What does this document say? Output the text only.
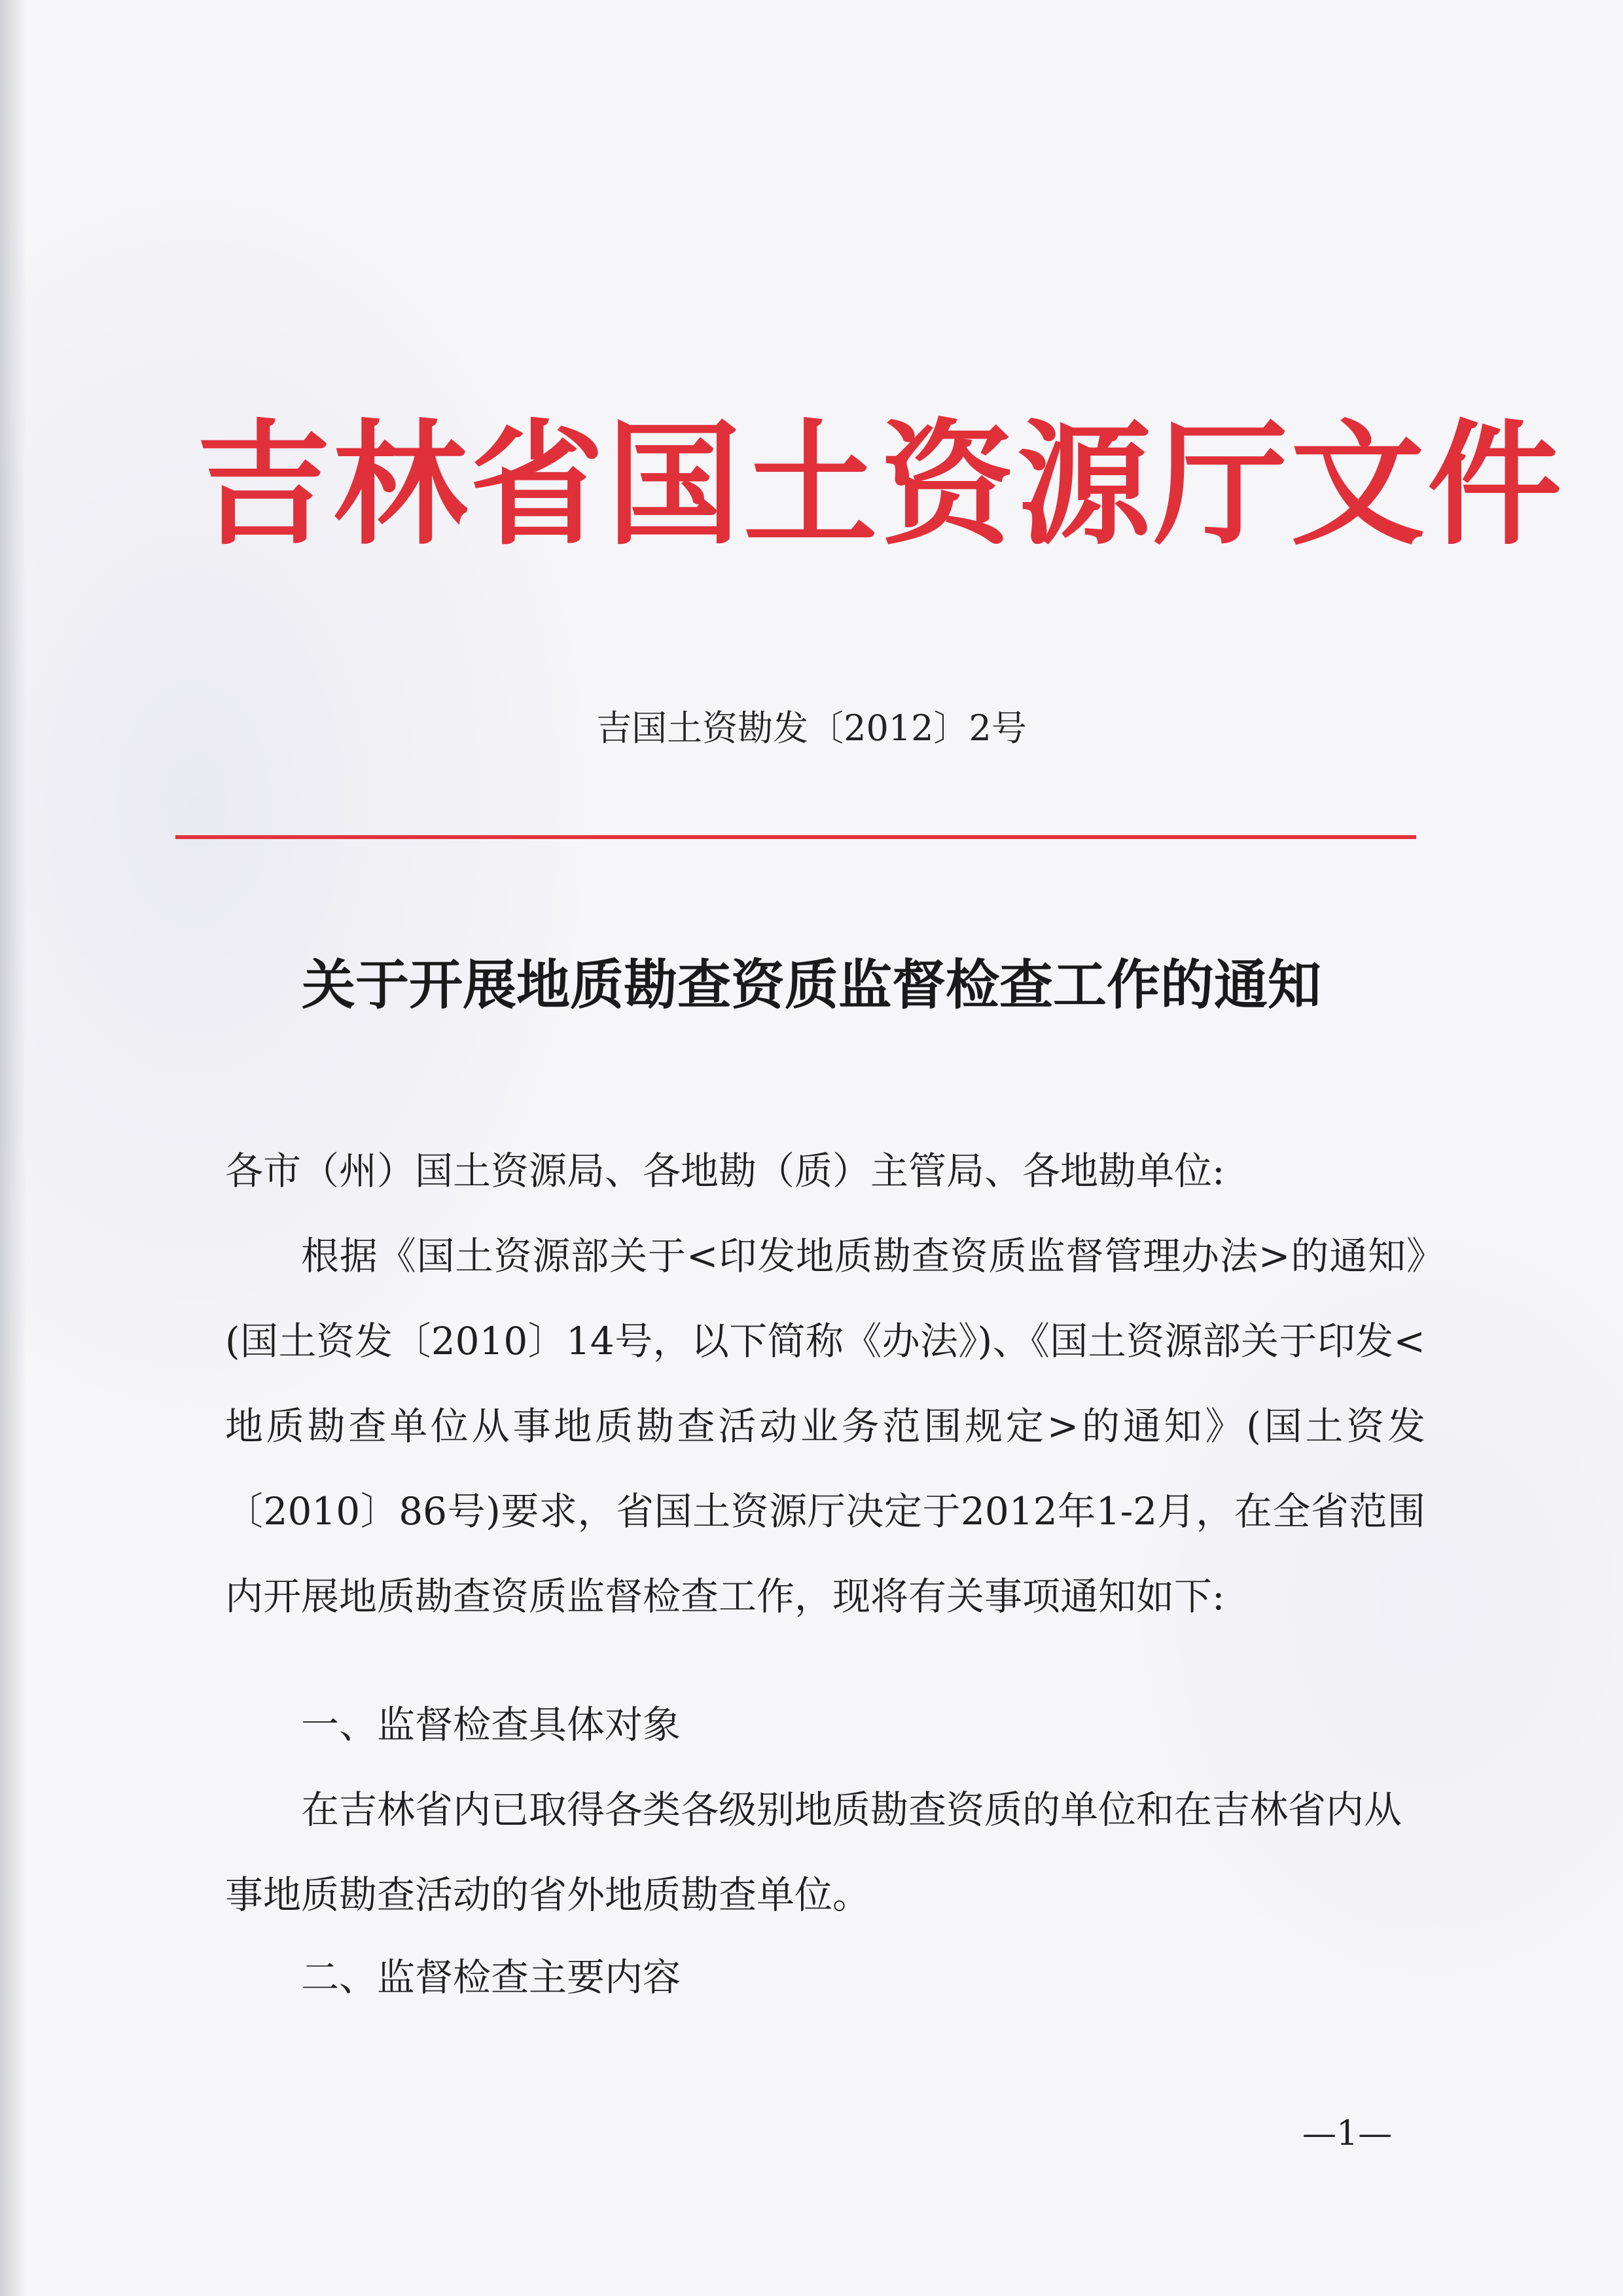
吉林省国土资源厅文件
吉国土资勘发〔2012〕2号
关于开展地质勘查资质监督检查工作的通知

各市（州）国土资源局、各地勘（质）主管局、各地勘单位:

根据《国土资源部关于<印发地质勘查资质监督管理办法>的通知》(国土资发〔2010〕14号，以下简称《办法》)、《国土资源部关于印发<地质勘查单位从事地质勘查活动业务范围规定>的通知》(国土资发〔2010〕86号)要求，省国土资源厅决定于2012年1-2月，在全省范围内开展地质勘查资质监督检查工作，现将有关事项通知如下:

一、监督检查具体对象

在吉林省内已取得各类各级别地质勘查资质的单位和在吉林省内从事地质勘查活动的省外地质勘查单位。

二、监督检查主要内容

—1—
